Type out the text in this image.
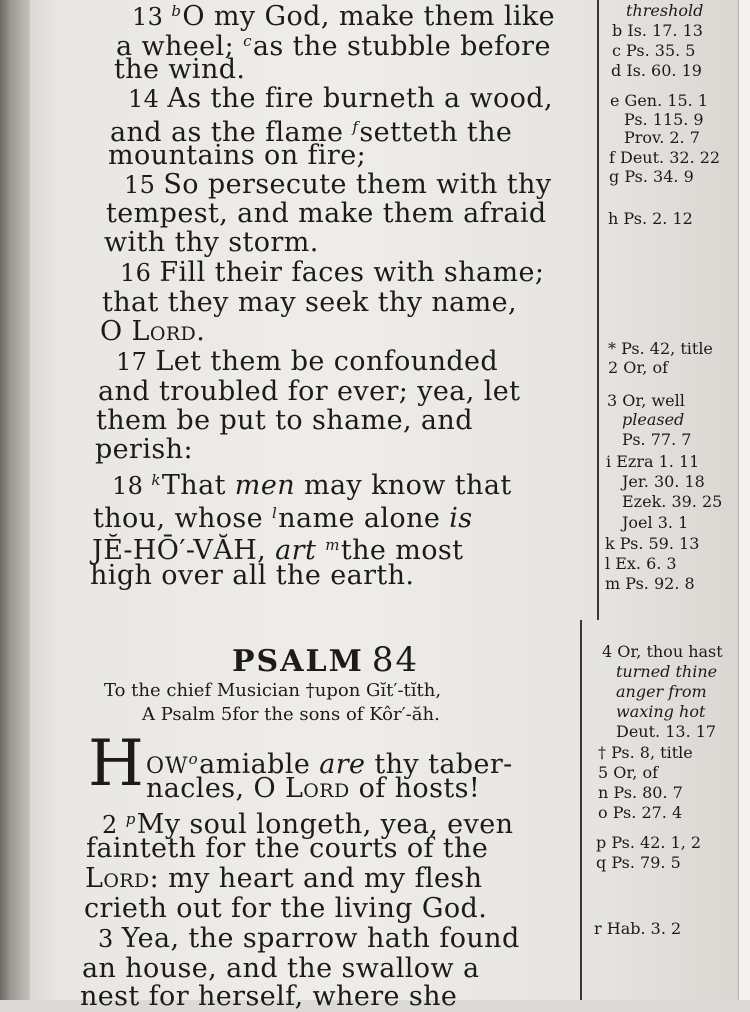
13 $^b$O my God, make them like
a wheel; $^c$as the stubble before
the wind.
14 As the fire burneth a wood,
and as the flame $^f$setteth the
mountains on fire;
15 So persecute them with thy
tempest, and make them afraid
with thy storm.
16 Fill their faces with shame;
that they may seek thy name,
O Lord.
17 Let them be confounded
and troubled for ever; yea, let
them be put to shame, and
perish:
18 $^k$That men may know that
thou, whose $^l$name alone is
JĔ-HŌ′-VĂH, art $^m$the most
high over all the earth.
threshold
b Is. 17. 13
c Ps. 35. 5
d Is. 60. 19
e Gen. 15. 1
Ps. 115. 9
Prov. 2. 7
f Deut. 32. 22
g Ps. 34. 9
h Ps. 2. 12
* Ps. 42, title
2 Or, of
3 Or, well
pleased
Ps. 77. 7
i Ezra 1. 11
Jer. 30. 18
Ezek. 39. 25
Joel 3. 1
k Ps. 59. 13
l Ex. 6. 3
m Ps. 92. 8
PSALM 84
To the chief Musician †upon Gĭt′-tĭth,
A Psalm 5for the sons of Kôr′-ăh.
H $OW^oamiable$ are thy taber-
nacles, O Lord of hosts!
2 $^p$My soul longeth, yea, even
fainteth for the courts of the
Lord: my heart and my flesh
crieth out for the living God.
3 Yea, the sparrow hath found
an house, and the swallow a
nest for herself, where she
4 Or, thou hast
turned thine
anger from
waxing hot
Deut. 13. 17
† Ps. 8, title
5 Or, of
n Ps. 80. 7
o Ps. 27. 4
p Ps. 42. 1, 2
q Ps. 79. 5
r Hab. 3. 2
